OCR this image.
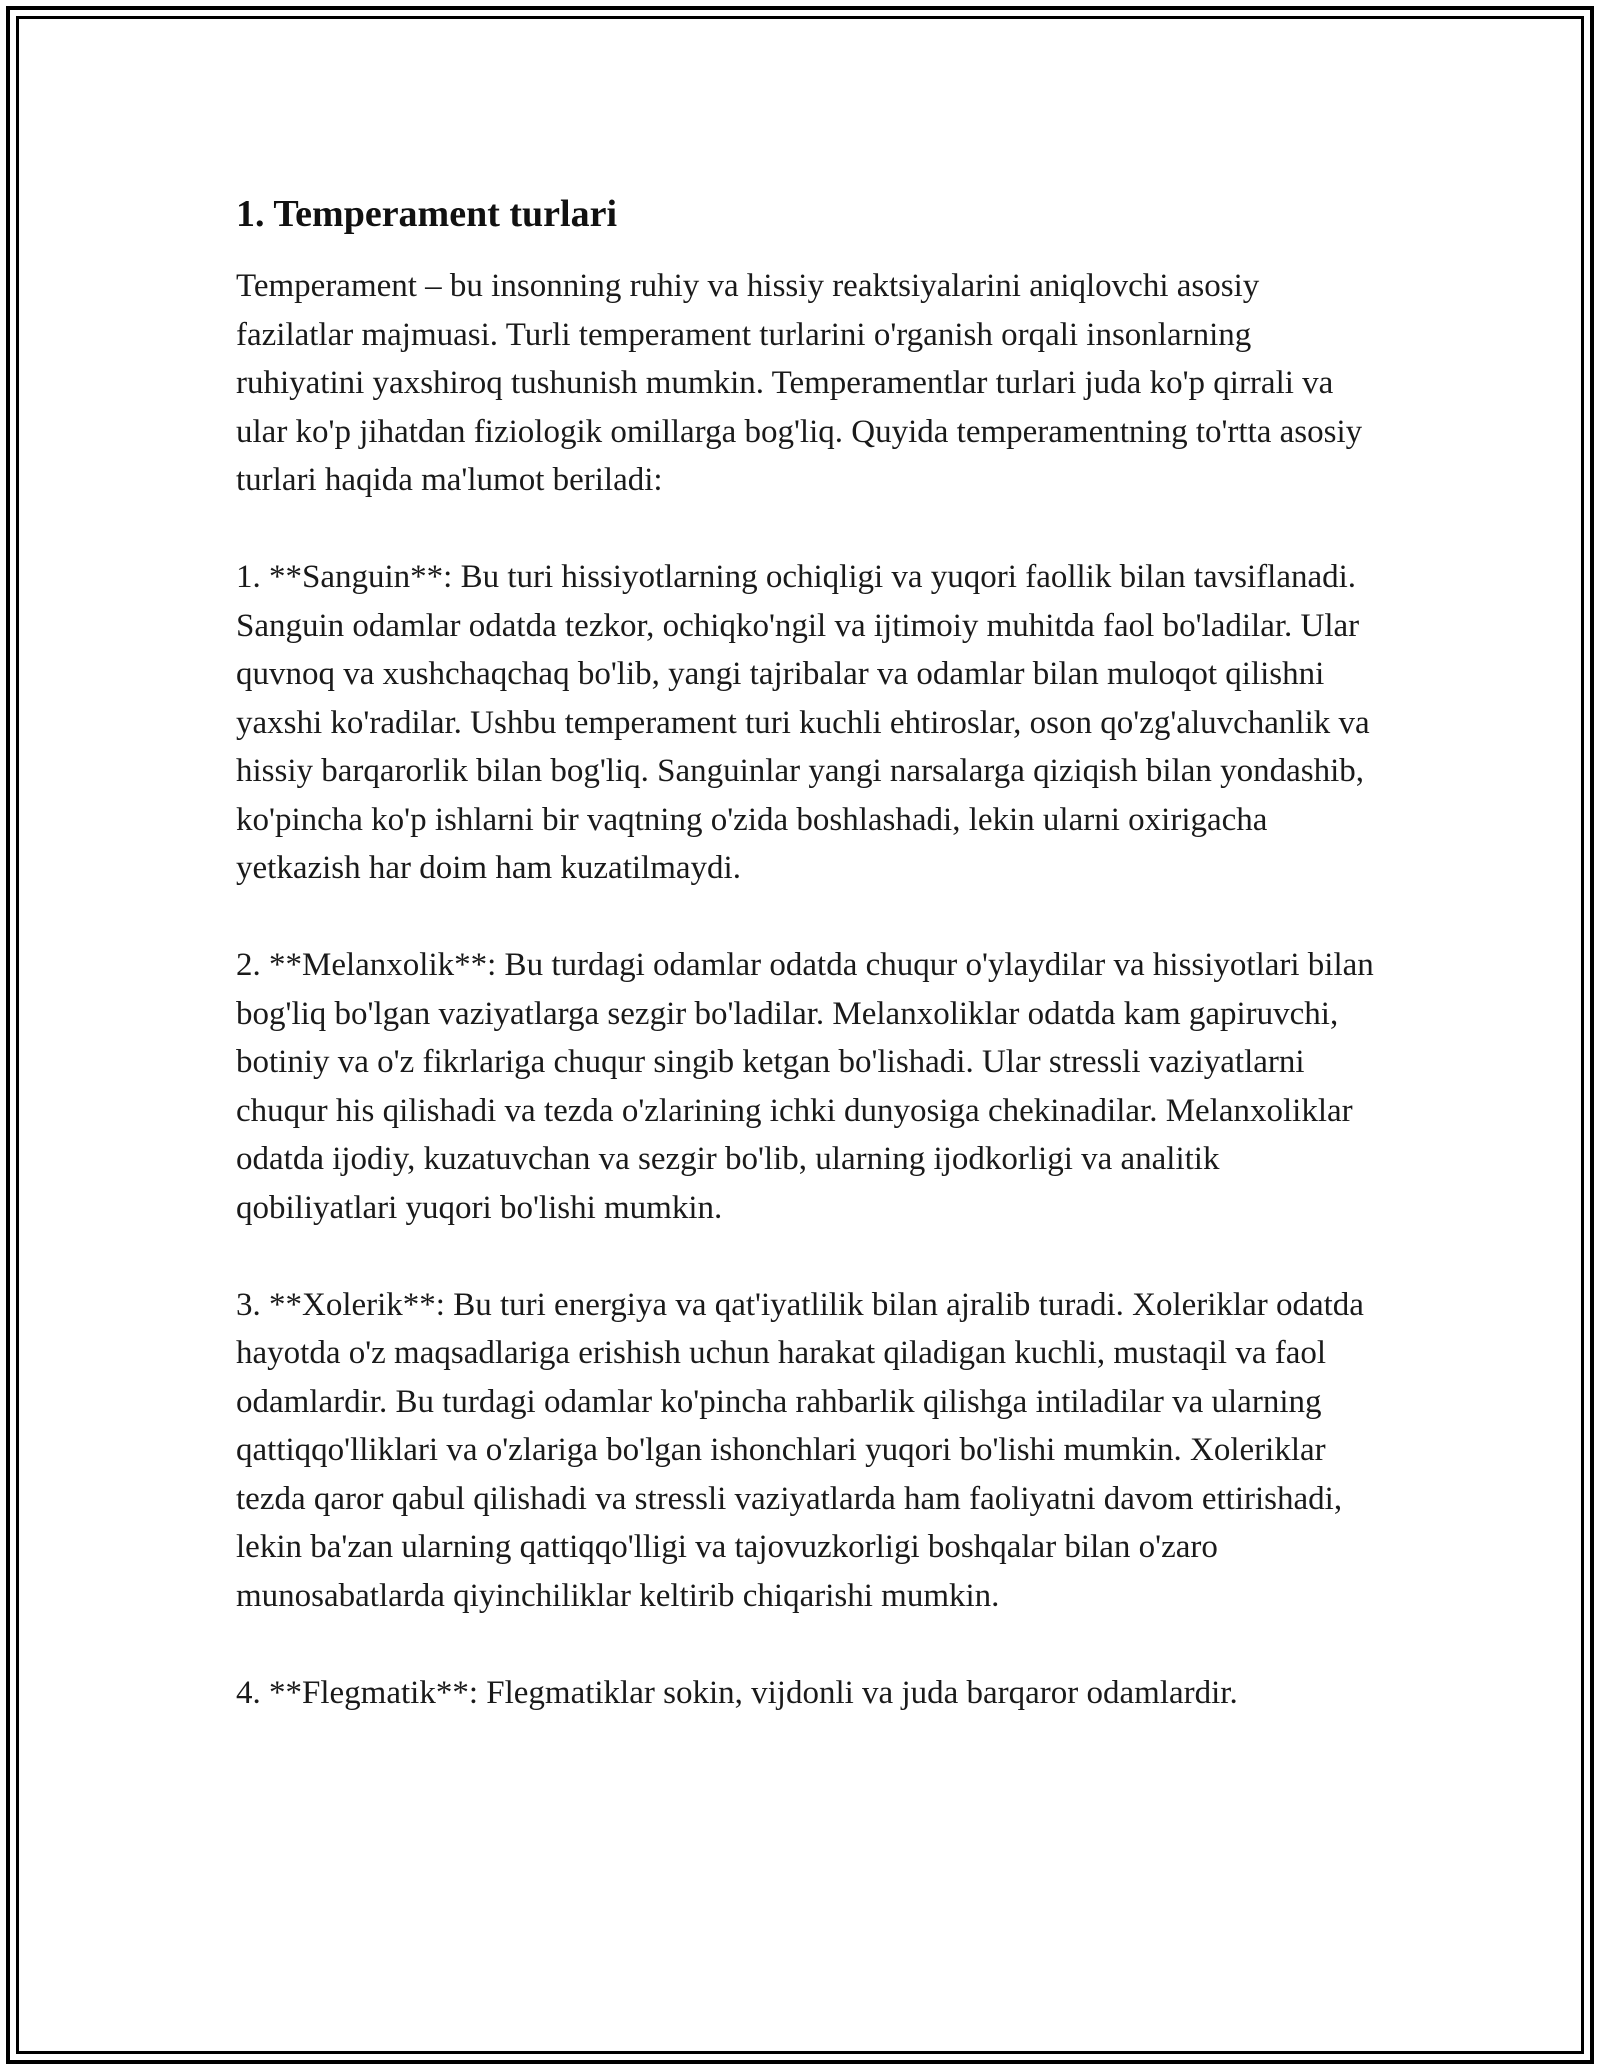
1. Temperament turlari

Temperament – bu insonning ruhiy va hissiy reaktsiyalarini aniqlovchi asosiy fazilatlar majmuasi. Turli temperament turlarini o'rganish orqali insonlarning ruhiyatini yaxshiroq tushunish mumkin. Temperamentlar turlari juda ko'p qirrali va ular ko'p jihatdan fiziologik omillarga bog'liq. Quyida temperamentning to'rtta asosiy turlari haqida ma'lumot beriladi:

1. **Sanguin**: Bu turi hissiyotlarning ochiqligi va yuqori faollik bilan tavsiflanadi. Sanguin odamlar odatda tezkor, ochiqko'ngil va ijtimoiy muhitda faol bo'ladilar. Ular quvnoq va xushchaqchaq bo'lib, yangi tajribalar va odamlar bilan muloqot qilishni yaxshi ko'radilar. Ushbu temperament turi kuchli ehtiroslar, oson qo'zg'aluvchanlik va hissiy barqarorlik bilan bog'liq. Sanguinlar yangi narsalarga qiziqish bilan yondashib, ko'pincha ko'p ishlarni bir vaqtning o'zida boshlashadi, lekin ularni oxirigacha yetkazish har doim ham kuzatilmaydi.

2. **Melanxolik**: Bu turdagi odamlar odatda chuqur o'ylaydilar va hissiyotlari bilan bog'liq bo'lgan vaziyatlarga sezgir bo'ladilar. Melanxoliklar odatda kam gapiruvchi, botiniy va o'z fikrlariga chuqur singib ketgan bo'lishadi. Ular stressli vaziyatlarni chuqur his qilishadi va tezda o'zlarining ichki dunyosiga chekinadilar. Melanxoliklar odatda ijodiy, kuzatuvchan va sezgir bo'lib, ularning ijodkorligi va analitik qobiliyatlari yuqori bo'lishi mumkin.

3. **Xolerik**: Bu turi energiya va qat'iyatlilik bilan ajralib turadi. Xoleriklar odatda hayotda o'z maqsadlariga erishish uchun harakat qiladigan kuchli, mustaqil va faol odamlardir. Bu turdagi odamlar ko'pincha rahbarlik qilishga intiladilar va ularning qattiqqo'lliklari va o'zlariga bo'lgan ishonchlari yuqori bo'lishi mumkin. Xoleriklar tezda qaror qabul qilishadi va stressli vaziyatlarda ham faoliyatni davom ettirishadi, lekin ba'zan ularning qattiqqo'lligi va tajovuzkorligi boshqalar bilan o'zaro munosabatlarda qiyinchiliklar keltirib chiqarishi mumkin.

4. **Flegmatik**: Flegmatiklar sokin, vijdonli va juda barqaror odamlardir.
